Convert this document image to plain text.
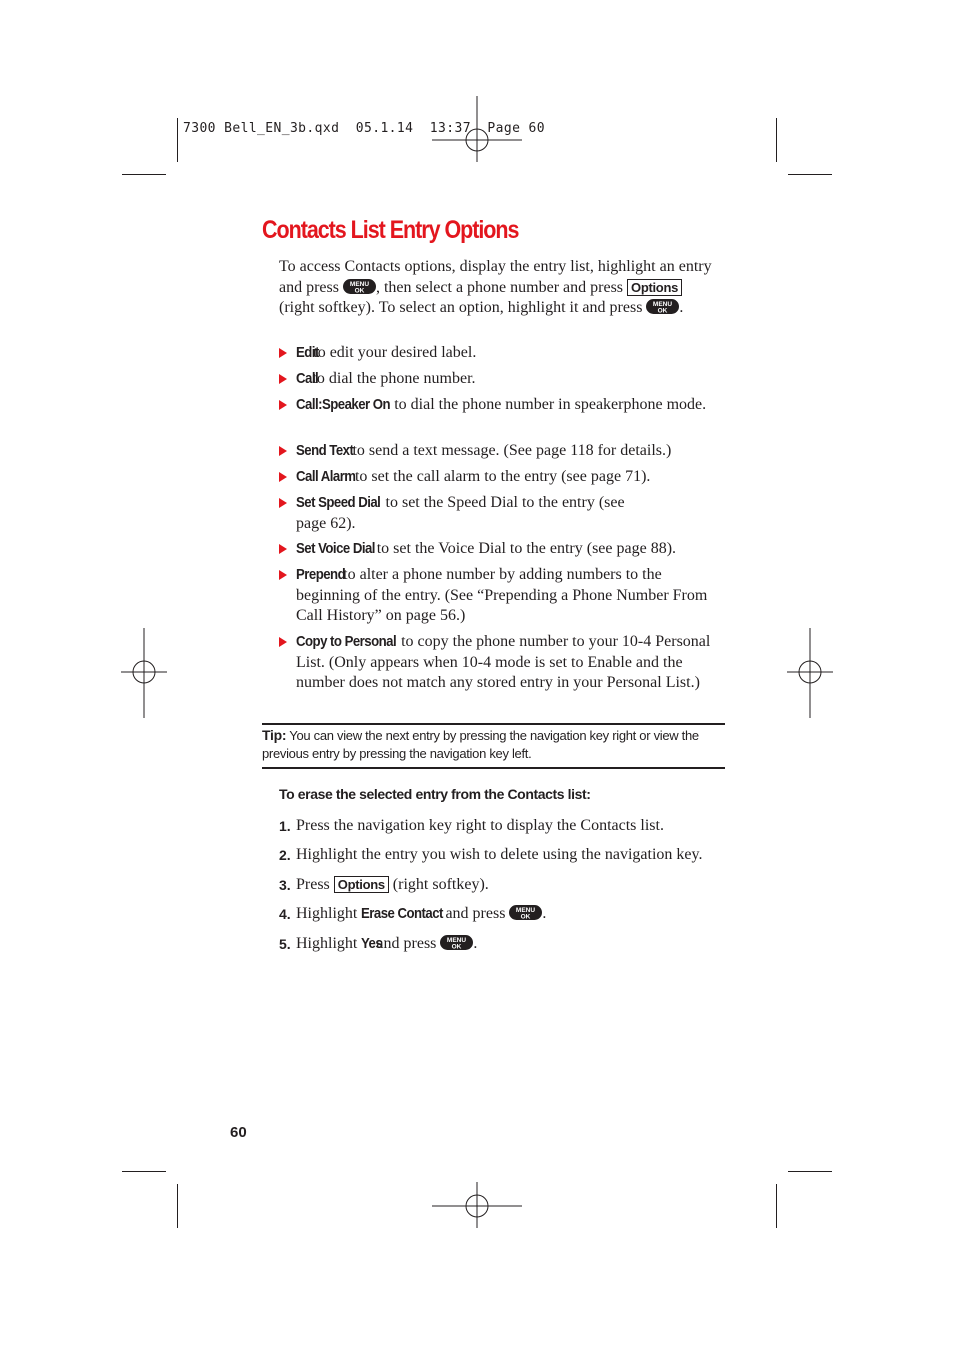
7300 Bell_EN_3b.qxd  05.1.14  13:37  Page 60
Contacts List Entry Options
To access Contacts options, display the entry list, highlight an entry and press MENU
OK , then select a phone number and press Options (right softkey). To select an option, highlight it and press MENU
OK .
Edit to edit your desired label.
Call to dial the phone number.
Call:Speaker On to dial the phone number in speakerphone mode.
Send Text to send a text message. (See page 118 for details.)
Call Alarm to set the call alarm to the entry (see page 71).
Set Speed Dial to set the Speed Dial to the entry (see page 62).
Set Voice Dial to set the Voice Dial to the entry (see page 88).
Prepend to alter a phone number by adding numbers to the beginning of the entry. (See “Prepending a Phone Number From Call History” on page 56.)
Copy to Personal to copy the phone number to your 10-4 Personal List. (Only appears when 10-4 mode is set to Enable and the number does not match any stored entry in your Personal List.)
Tip: You can view the next entry by pressing the navigation key right or view the previous entry by pressing the navigation key left.
To erase the selected entry from the Contacts list:
1. Press the navigation key right to display the Contacts list.
2. Highlight the entry you wish to delete using the navigation key.
3. Press Options (right softkey).
4. Highlight Erase Contact and press MENU
OK .
5. Highlight Yes and press MENU
OK .
60
